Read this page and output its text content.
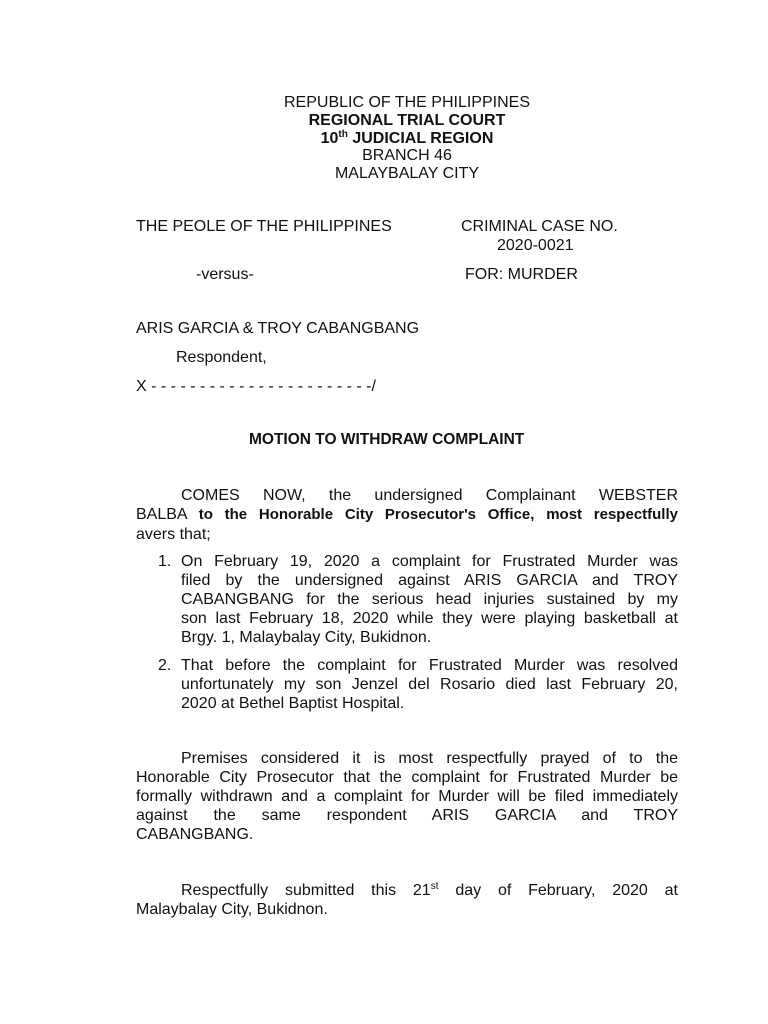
REPUBLIC OF THE PHILIPPINES
REGIONAL TRIAL COURT
10th JUDICIAL REGION
BRANCH 46
MALAYBALAY CITY
THE PEOLE OF THE PHILIPPINES	CRIMINAL CASE NO.
2020-0021
-versus-	FOR: MURDER
ARIS GARCIA & TROY CABANGBANG
Respondent,
X - - - - - - - - - - - - - - - - - - - - - - -/
MOTION TO WITHDRAW COMPLAINT
COMES NOW, the undersigned Complainant WEBSTER
BALBA to the Honorable City Prosecutor's Office, most respectfully
avers that;
1. On February 19, 2020 a complaint for Frustrated Murder was
filed by the undersigned against ARIS GARCIA and TROY
CABANGBANG for the serious head injuries sustained by my
son last February 18, 2020 while they were playing basketball at
Brgy. 1, Malaybalay City, Bukidnon.
2. That before the complaint for Frustrated Murder was resolved
unfortunately my son Jenzel del Rosario died last February 20,
2020 at Bethel Baptist Hospital.
Premises considered it is most respectfully prayed of to the
Honorable City Prosecutor that the complaint for Frustrated Murder be
formally withdrawn and a complaint for Murder will be filed immediately
against   the   same   respondent   ARIS   GARCIA   and   TROY
CABANGBANG.
Respectfully submitted this 21st day of February, 2020 at
Malaybalay City, Bukidnon.
